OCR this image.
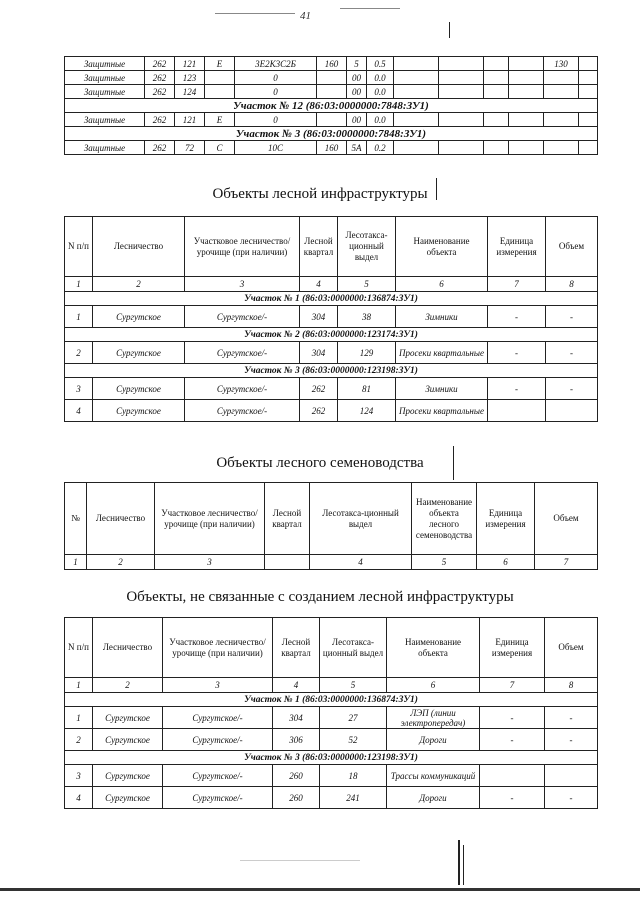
41
Защитные	262	121	Е	3Е2К3С2Б	160	5	0.5					130	
Защитные	262	123		0		00	0.0						
Защитные	262	124		0		00	0.0						
Участок № 12 (86:03:0000000:7848:ЗУ1)													
Защитные	262	121	Е	0		00	0.0						
Участок № 3 (86:03:0000000:7848:ЗУ1)													
Защитные	262	72	С	10С	160	5А	0.2						
Объекты лесной инфраструктуры
N п/п	Лесничество	Участковое лесничество/урочище (при наличии)	Лесной квартал	Лесотакса-ционный выдел	Наименование объекта	Единица измерения	Объем
1	2	3	4	5	6	7	8
Участок № 1 (86:03:0000000:136874:ЗУ1)							
1	Сургутское	Сургутское/-	304	38	Зимники	-	-
Участок № 2 (86:03:0000000:123174:ЗУ1)							
2	Сургутское	Сургутское/-	304	129	Просеки квартальные	-	-
Участок № 3 (86:03:0000000:123198:ЗУ1)							
3	Сургутское	Сургутское/-	262	81	Зимники	-	-
4	Сургутское	Сургутское/-	262	124	Просеки квартальные		
Объекты лесного семеноводства
№	Лесничество	Участковое лесничество/урочище (при наличии)	Лесной квартал	Лесотакса-ционный выдел	Наименование объекта лесного семеноводства	Единица измерения	Объем
1	2	3		4	5	6	7
Объекты, не связанные с созданием лесной инфраструктуры
N п/п	Лесничество	Участковое лесничество/урочище (при наличии)	Лесной квартал	Лесотакса-ционный выдел	Наименование объекта	Единица измерения	Объем
1	2	3	4	5	6	7	8
Участок № 1 (86:03:0000000:136874:ЗУ1)							
1	Сургутское	Сургутское/-	304	27	ЛЭП (линии электропередач)	-	-
2	Сургутское	Сургутское/-	306	52	Дороги	-	-
Участок № 3 (86:03:0000000:123198:ЗУ1)							
3	Сургутское	Сургутское/-	260	18	Трассы коммуникаций		
4	Сургутское	Сургутское/-	260	241	Дороги	-	-
